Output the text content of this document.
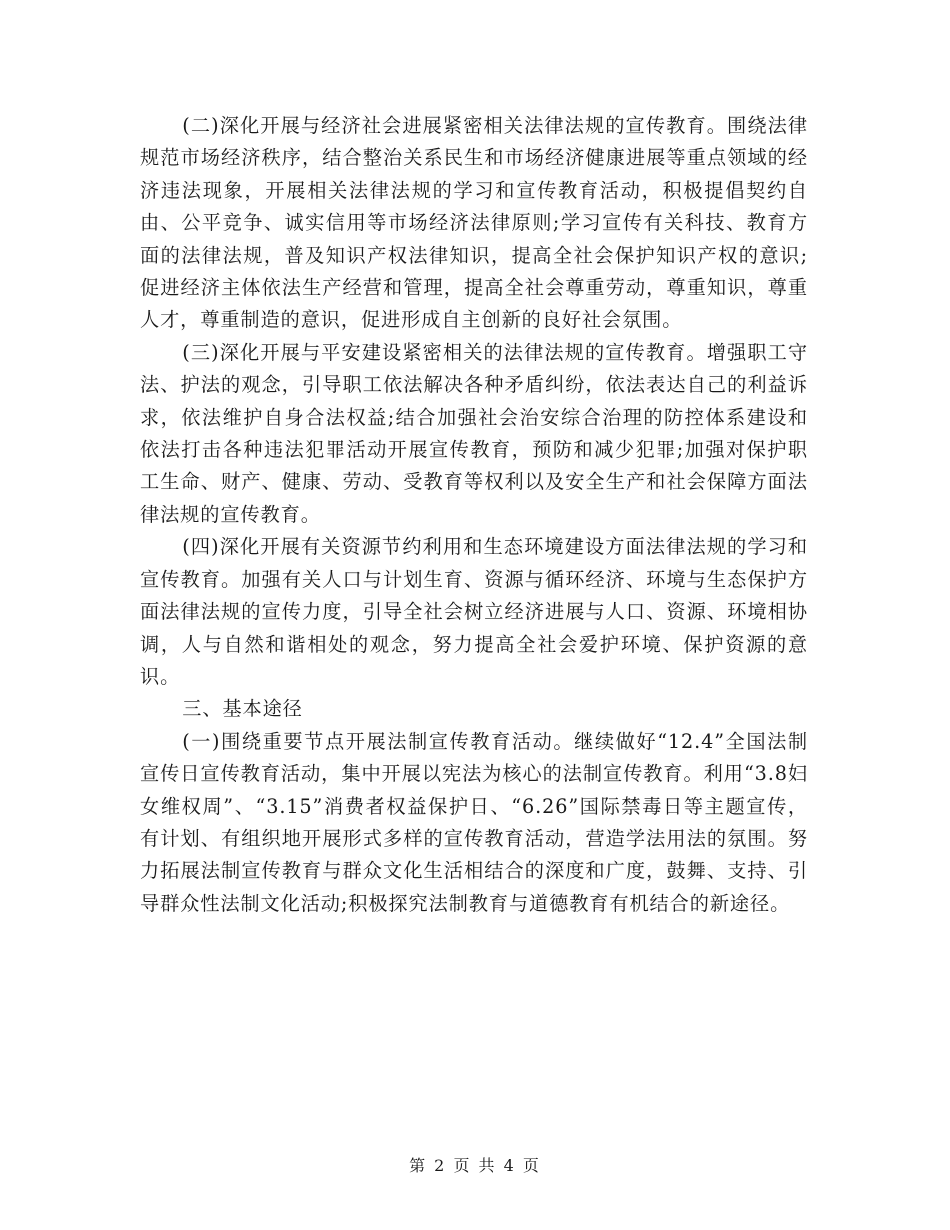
(二)深化开展与经济社会进展紧密相关法律法规的宣传教育。围绕法律规范市场经济秩序，结合整治关系民生和市场经济健康进展等重点领域的经济违法现象，开展相关法律法规的学习和宣传教育活动，积极提倡契约自由、公平竞争、诚实信用等市场经济法律原则;学习宣传有关科技、教育方面的法律法规，普及知识产权法律知识，提高全社会保护知识产权的意识;促进经济主体依法生产经营和管理，提高全社会尊重劳动，尊重知识，尊重人才，尊重制造的意识，促进形成自主创新的良好社会氛围。

(三)深化开展与平安建设紧密相关的法律法规的宣传教育。增强职工守法、护法的观念，引导职工依法解决各种矛盾纠纷，依法表达自己的利益诉求，依法维护自身合法权益;结合加强社会治安综合治理的防控体系建设和依法打击各种违法犯罪活动开展宣传教育，预防和减少犯罪;加强对保护职工生命、财产、健康、劳动、受教育等权利以及安全生产和社会保障方面法律法规的宣传教育。

(四)深化开展有关资源节约利用和生态环境建设方面法律法规的学习和宣传教育。加强有关人口与计划生育、资源与循环经济、环境与生态保护方面法律法规的宣传力度，引导全社会树立经济进展与人口、资源、环境相协调，人与自然和谐相处的观念，努力提高全社会爱护环境、保护资源的意识。

三、基本途径

(一)围绕重要节点开展法制宣传教育活动。继续做好“12.4”全国法制宣传日宣传教育活动，集中开展以宪法为核心的法制宣传教育。利用“3.8妇女维权周”、“3.15”消费者权益保护日、“6.26”国际禁毒日等主题宣传，有计划、有组织地开展形式多样的宣传教育活动，营造学法用法的氛围。努力拓展法制宣传教育与群众文化生活相结合的深度和广度，鼓舞、支持、引导群众性法制文化活动;积极探究法制教育与道德教育有机结合的新途径。

第 2 页 共 4 页
